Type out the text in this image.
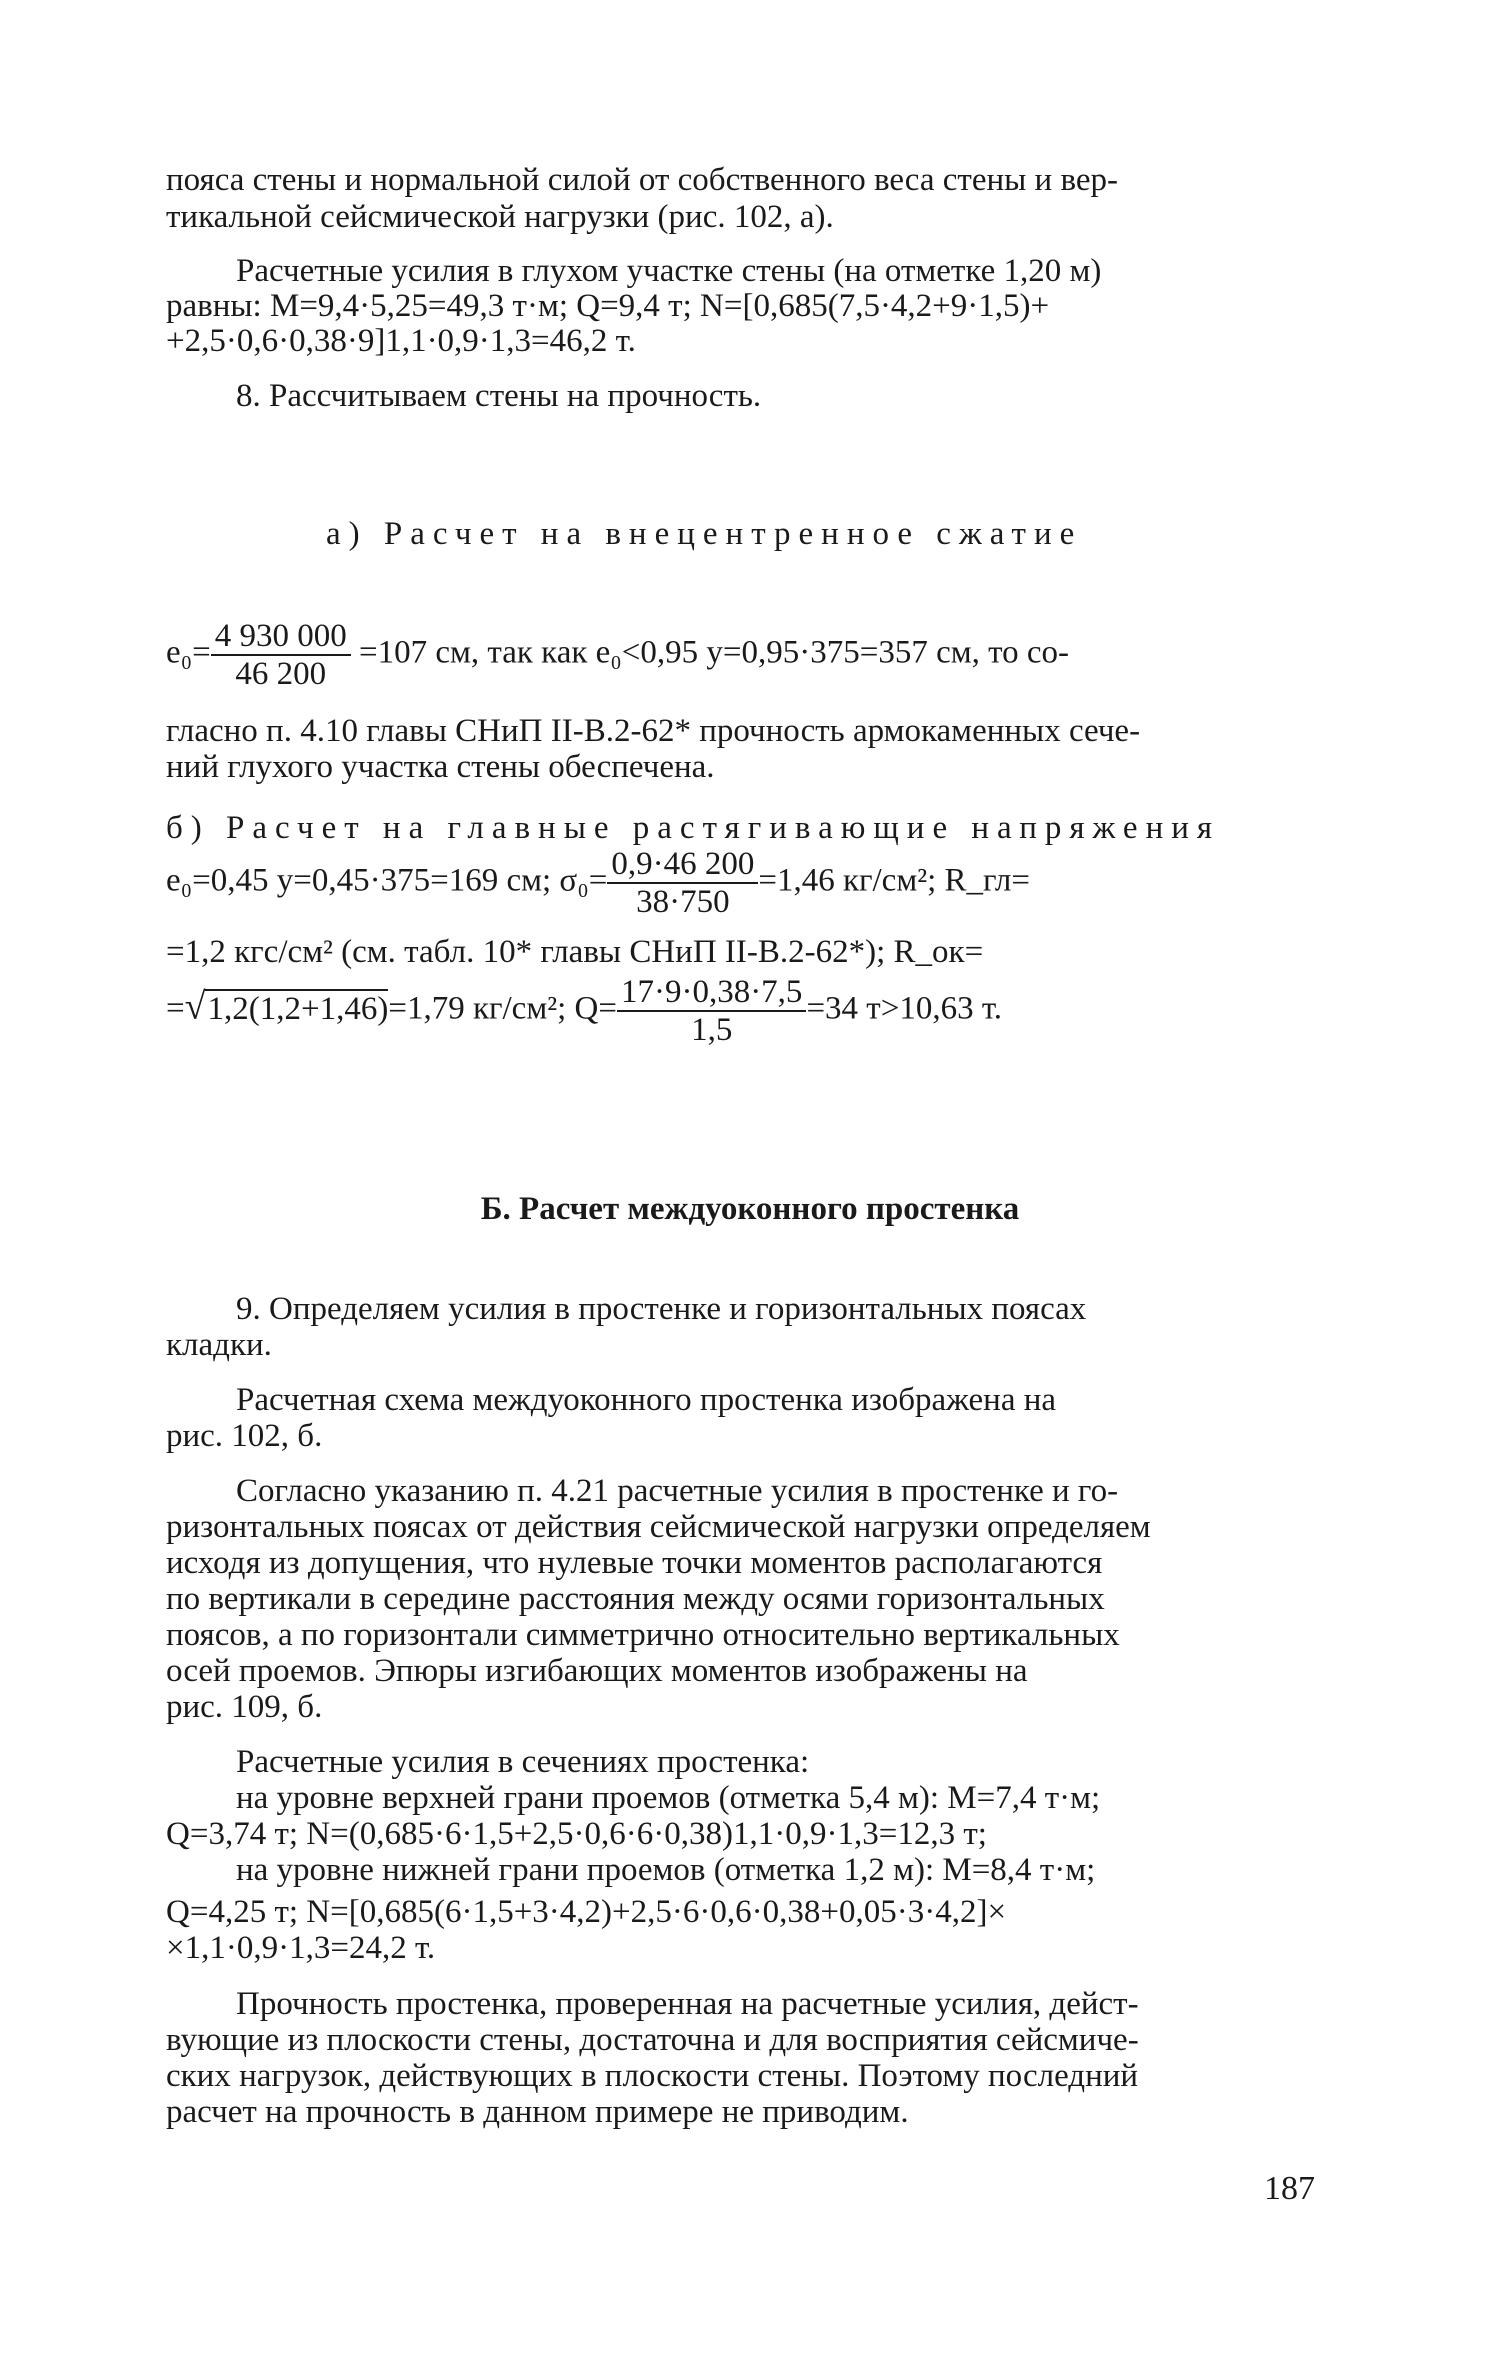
пояса стены и нормальной силой от собственного веса стены и вер-
тикальной сейсмической нагрузки (рис. 102, а).
Расчетные усилия в глухом участке стены (на отметке 1,20 м)
равны: М=9,4·5,25=49,3 т·м; Q=9,4 т; N=[0,685(7,5·4,2+9·1,5)+
+2,5·0,6·0,38·9]1,1·0,9·1,3=46,2 т.
8. Рассчитываем стены на прочность.
а) Расчет на внецентренное сжатие
$e_0= \frac{4 930 000}{46 200} =107$ см, так как e₀<0,95 y=0,95·375=357 см, то со-
гласно п. 4.10 главы СНиП II-В.2-62* прочность армокаменных сече-
ний глухого участка стены обеспечена.
б) Расчет на главные растягивающие напряжения
e₀=0,45 y=0,45·375=169 см; $\sigma_0= \frac{0,9\cdot 46 200}{38\cdot 750} =1,46$ кг/см²; R_гл=
=1,2 кгс/см² (см. табл. 10* главы СНиП II-В.2-62*); R_ок=
=√1,2(1,2+1,46)=1,79 кг/см²; $Q= \frac{17\cdot 9\cdot 0,38\cdot 7,5}{1,5} =34$ т>10,63 т.
Б. Расчет междуоконного простенка
9. Определяем усилия в простенке и горизонтальных поясах
кладки.
Расчетная схема междуоконного простенка изображена на
рис. 102, б.
Согласно указанию п. 4.21 расчетные усилия в простенке и го-
ризонтальных поясах от действия сейсмической нагрузки определяем
исходя из допущения, что нулевые точки моментов располагаются
по вертикали в середине расстояния между осями горизонтальных
поясов, а по горизонтали симметрично относительно вертикальных
осей проемов. Эпюры изгибающих моментов изображены на
рис. 109, б.
Расчетные усилия в сечениях простенка:
на уровне верхней грани проемов (отметка 5,4 м): М=7,4 т·м;
Q=3,74 т; N=(0,685·6·1,5+2,5·0,6·6·0,38)1,1·0,9·1,3=12,3 т;
на уровне нижней грани проемов (отметка 1,2 м): М=8,4 т·м;
Q=4,25 т; N=[0,685(6·1,5+3·4,2)+2,5·6·0,6·0,38+0,05·3·4,2]×
×1,1·0,9·1,3=24,2 т.
Прочность простенка, проверенная на расчетные усилия, дейст-
вующие из плоскости стены, достаточна и для восприятия сейсмиче-
ских нагрузок, действующих в плоскости стены. Поэтому последний
расчет на прочность в данном примере не приводим.
187
